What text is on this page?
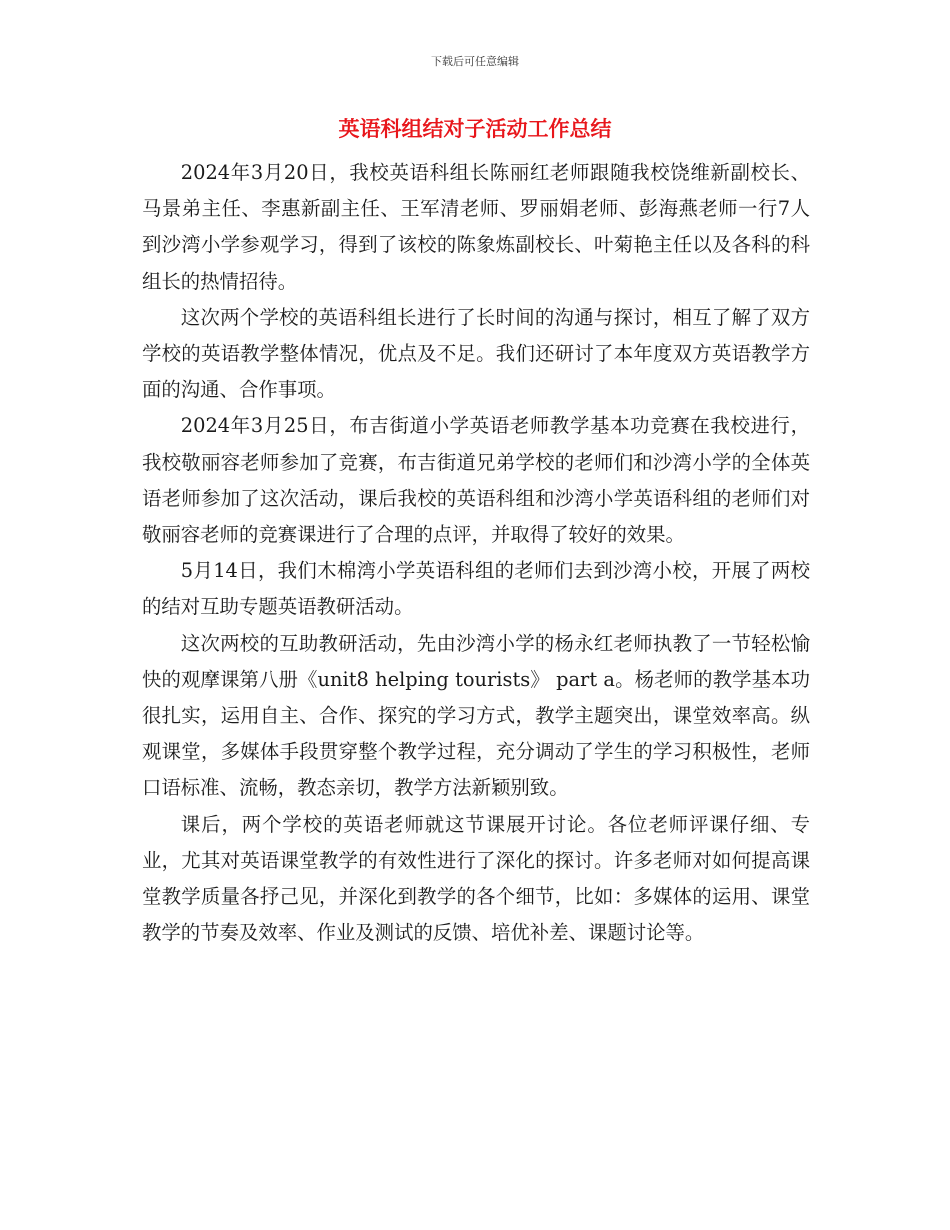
下载后可任意编辑
英语科组结对子活动工作总结

2024年3月20日，我校英语科组长陈丽红老师跟随我校饶维新副校长、马景弟主任、李惠新副主任、王军清老师、罗丽娟老师、彭海燕老师一行7人到沙湾小学参观学习，得到了该校的陈象炼副校长、叶菊艳主任以及各科的科组长的热情招待。

这次两个学校的英语科组长进行了长时间的沟通与探讨，相互了解了双方学校的英语教学整体情况，优点及不足。我们还研讨了本年度双方英语教学方面的沟通、合作事项。

2024年3月25日，布吉街道小学英语老师教学基本功竞赛在我校进行，我校敬丽容老师参加了竞赛，布吉街道兄弟学校的老师们和沙湾小学的全体英语老师参加了这次活动，课后我校的英语科组和沙湾小学英语科组的老师们对敬丽容老师的竞赛课进行了合理的点评，并取得了较好的效果。

5月14日，我们木棉湾小学英语科组的老师们去到沙湾小校，开展了两校的结对互助专题英语教研活动。

这次两校的互助教研活动，先由沙湾小学的杨永红老师执教了一节轻松愉快的观摩课第八册《unit8 helping tourists》 part a。杨老师的教学基本功很扎实，运用自主、合作、探究的学习方式，教学主题突出，课堂效率高。纵观课堂，多媒体手段贯穿整个教学过程，充分调动了学生的学习积极性，老师口语标准、流畅，教态亲切，教学方法新颖别致。

课后，两个学校的英语老师就这节课展开讨论。各位老师评课仔细、专业，尤其对英语课堂教学的有效性进行了深化的探讨。许多老师对如何提高课堂教学质量各抒己见，并深化到教学的各个细节，比如：多媒体的运用、课堂教学的节奏及效率、作业及测试的反馈、培优补差、课题讨论等。
